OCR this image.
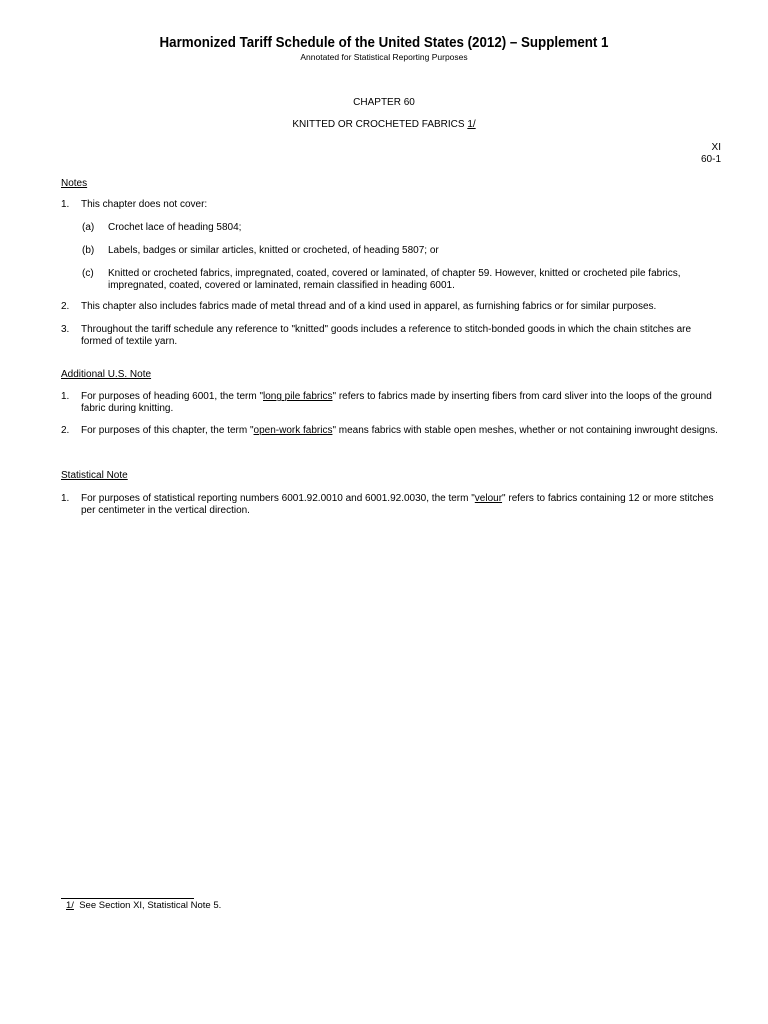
Harmonized Tariff Schedule of the United States (2012) – Supplement 1
Annotated for Statistical Reporting Purposes
CHAPTER 60
KNITTED OR CROCHETED FABRICS 1/
XI
60-1
Notes
1. This chapter does not cover:
(a) Crochet lace of heading 5804;
(b) Labels, badges or similar articles, knitted or crocheted, of heading 5807; or
(c) Knitted or crocheted fabrics, impregnated, coated, covered or laminated, of chapter 59. However, knitted or crocheted pile fabrics, impregnated, coated, covered or laminated, remain classified in heading 6001.
2. This chapter also includes fabrics made of metal thread and of a kind used in apparel, as furnishing fabrics or for similar purposes.
3. Throughout the tariff schedule any reference to "knitted" goods includes a reference to stitch-bonded goods in which the chain stitches are formed of textile yarn.
Additional U.S. Note
1. For purposes of heading 6001, the term "long pile fabrics" refers to fabrics made by inserting fibers from card sliver into the loops of the ground fabric during knitting.
2. For purposes of this chapter, the term "open-work fabrics" means fabrics with stable open meshes, whether or not containing inwrought designs.
Statistical Note
1. For purposes of statistical reporting numbers 6001.92.0010 and 6001.92.0030, the term "velour" refers to fabrics containing 12 or more stitches per centimeter in the vertical direction.
1/  See Section XI, Statistical Note 5.
